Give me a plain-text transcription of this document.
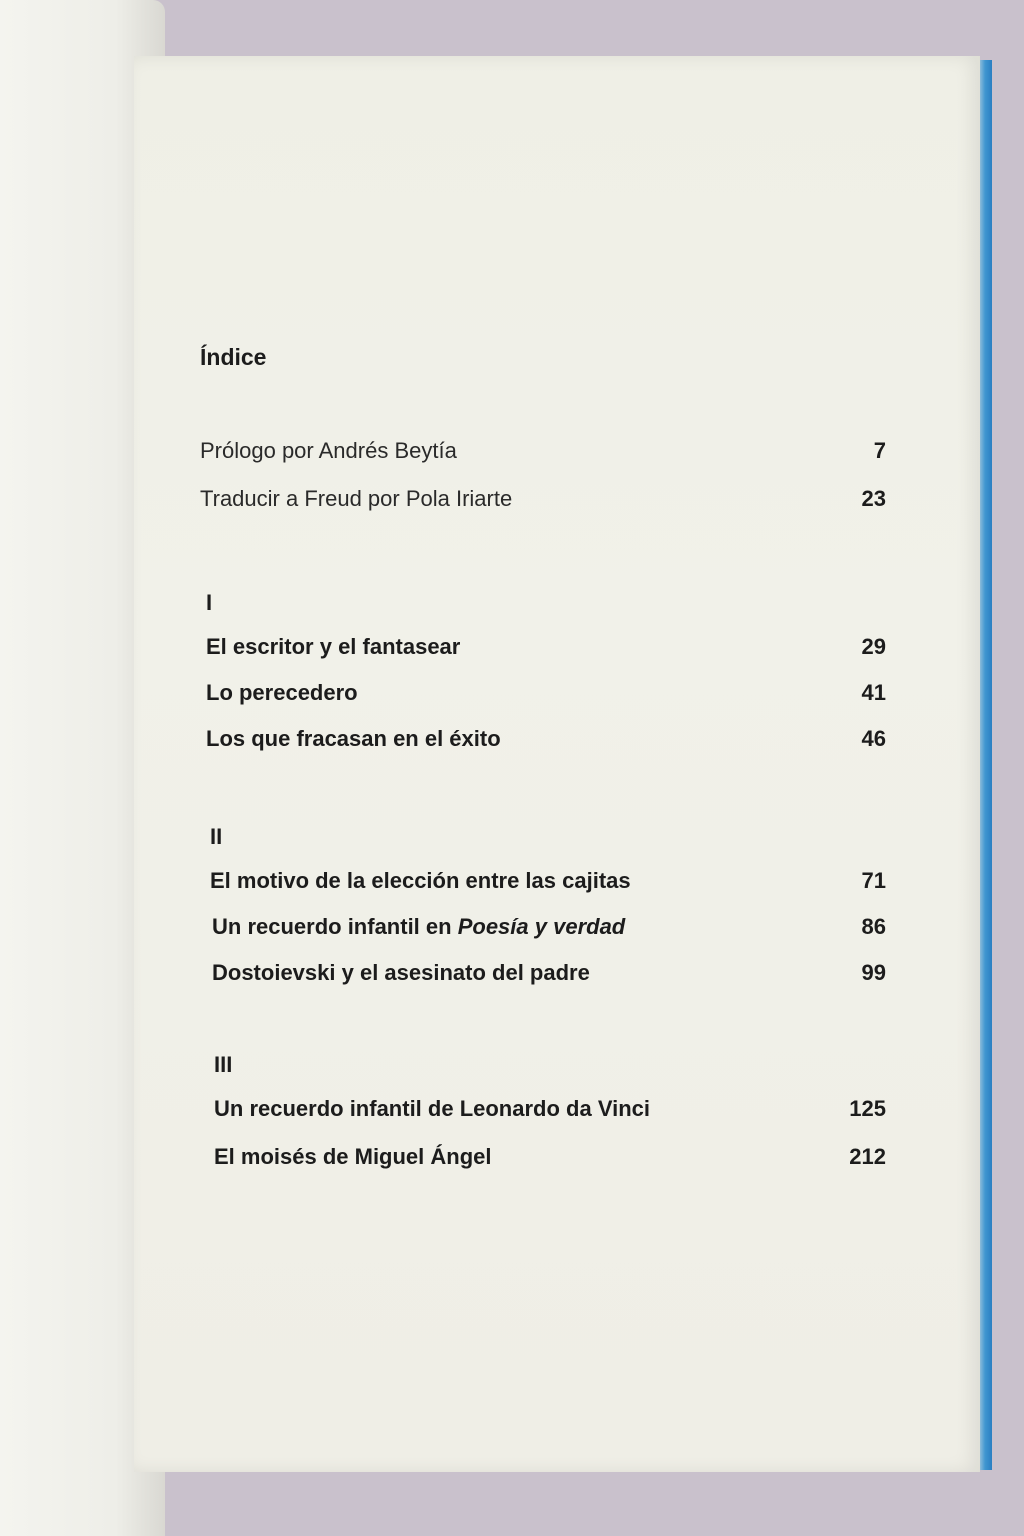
Índice
Prólogo por Andrés Beytía	7
Traducir a Freud por Pola Iriarte	23
I
El escritor y el fantasear	29
Lo perecedero	41
Los que fracasan en el éxito	46
II
El motivo de la elección entre las cajitas	71
Un recuerdo infantil en Poesía y verdad	86
Dostoievski y el asesinato del padre	99
III
Un recuerdo infantil de Leonardo da Vinci	125
El moisés de Miguel Ángel	212
